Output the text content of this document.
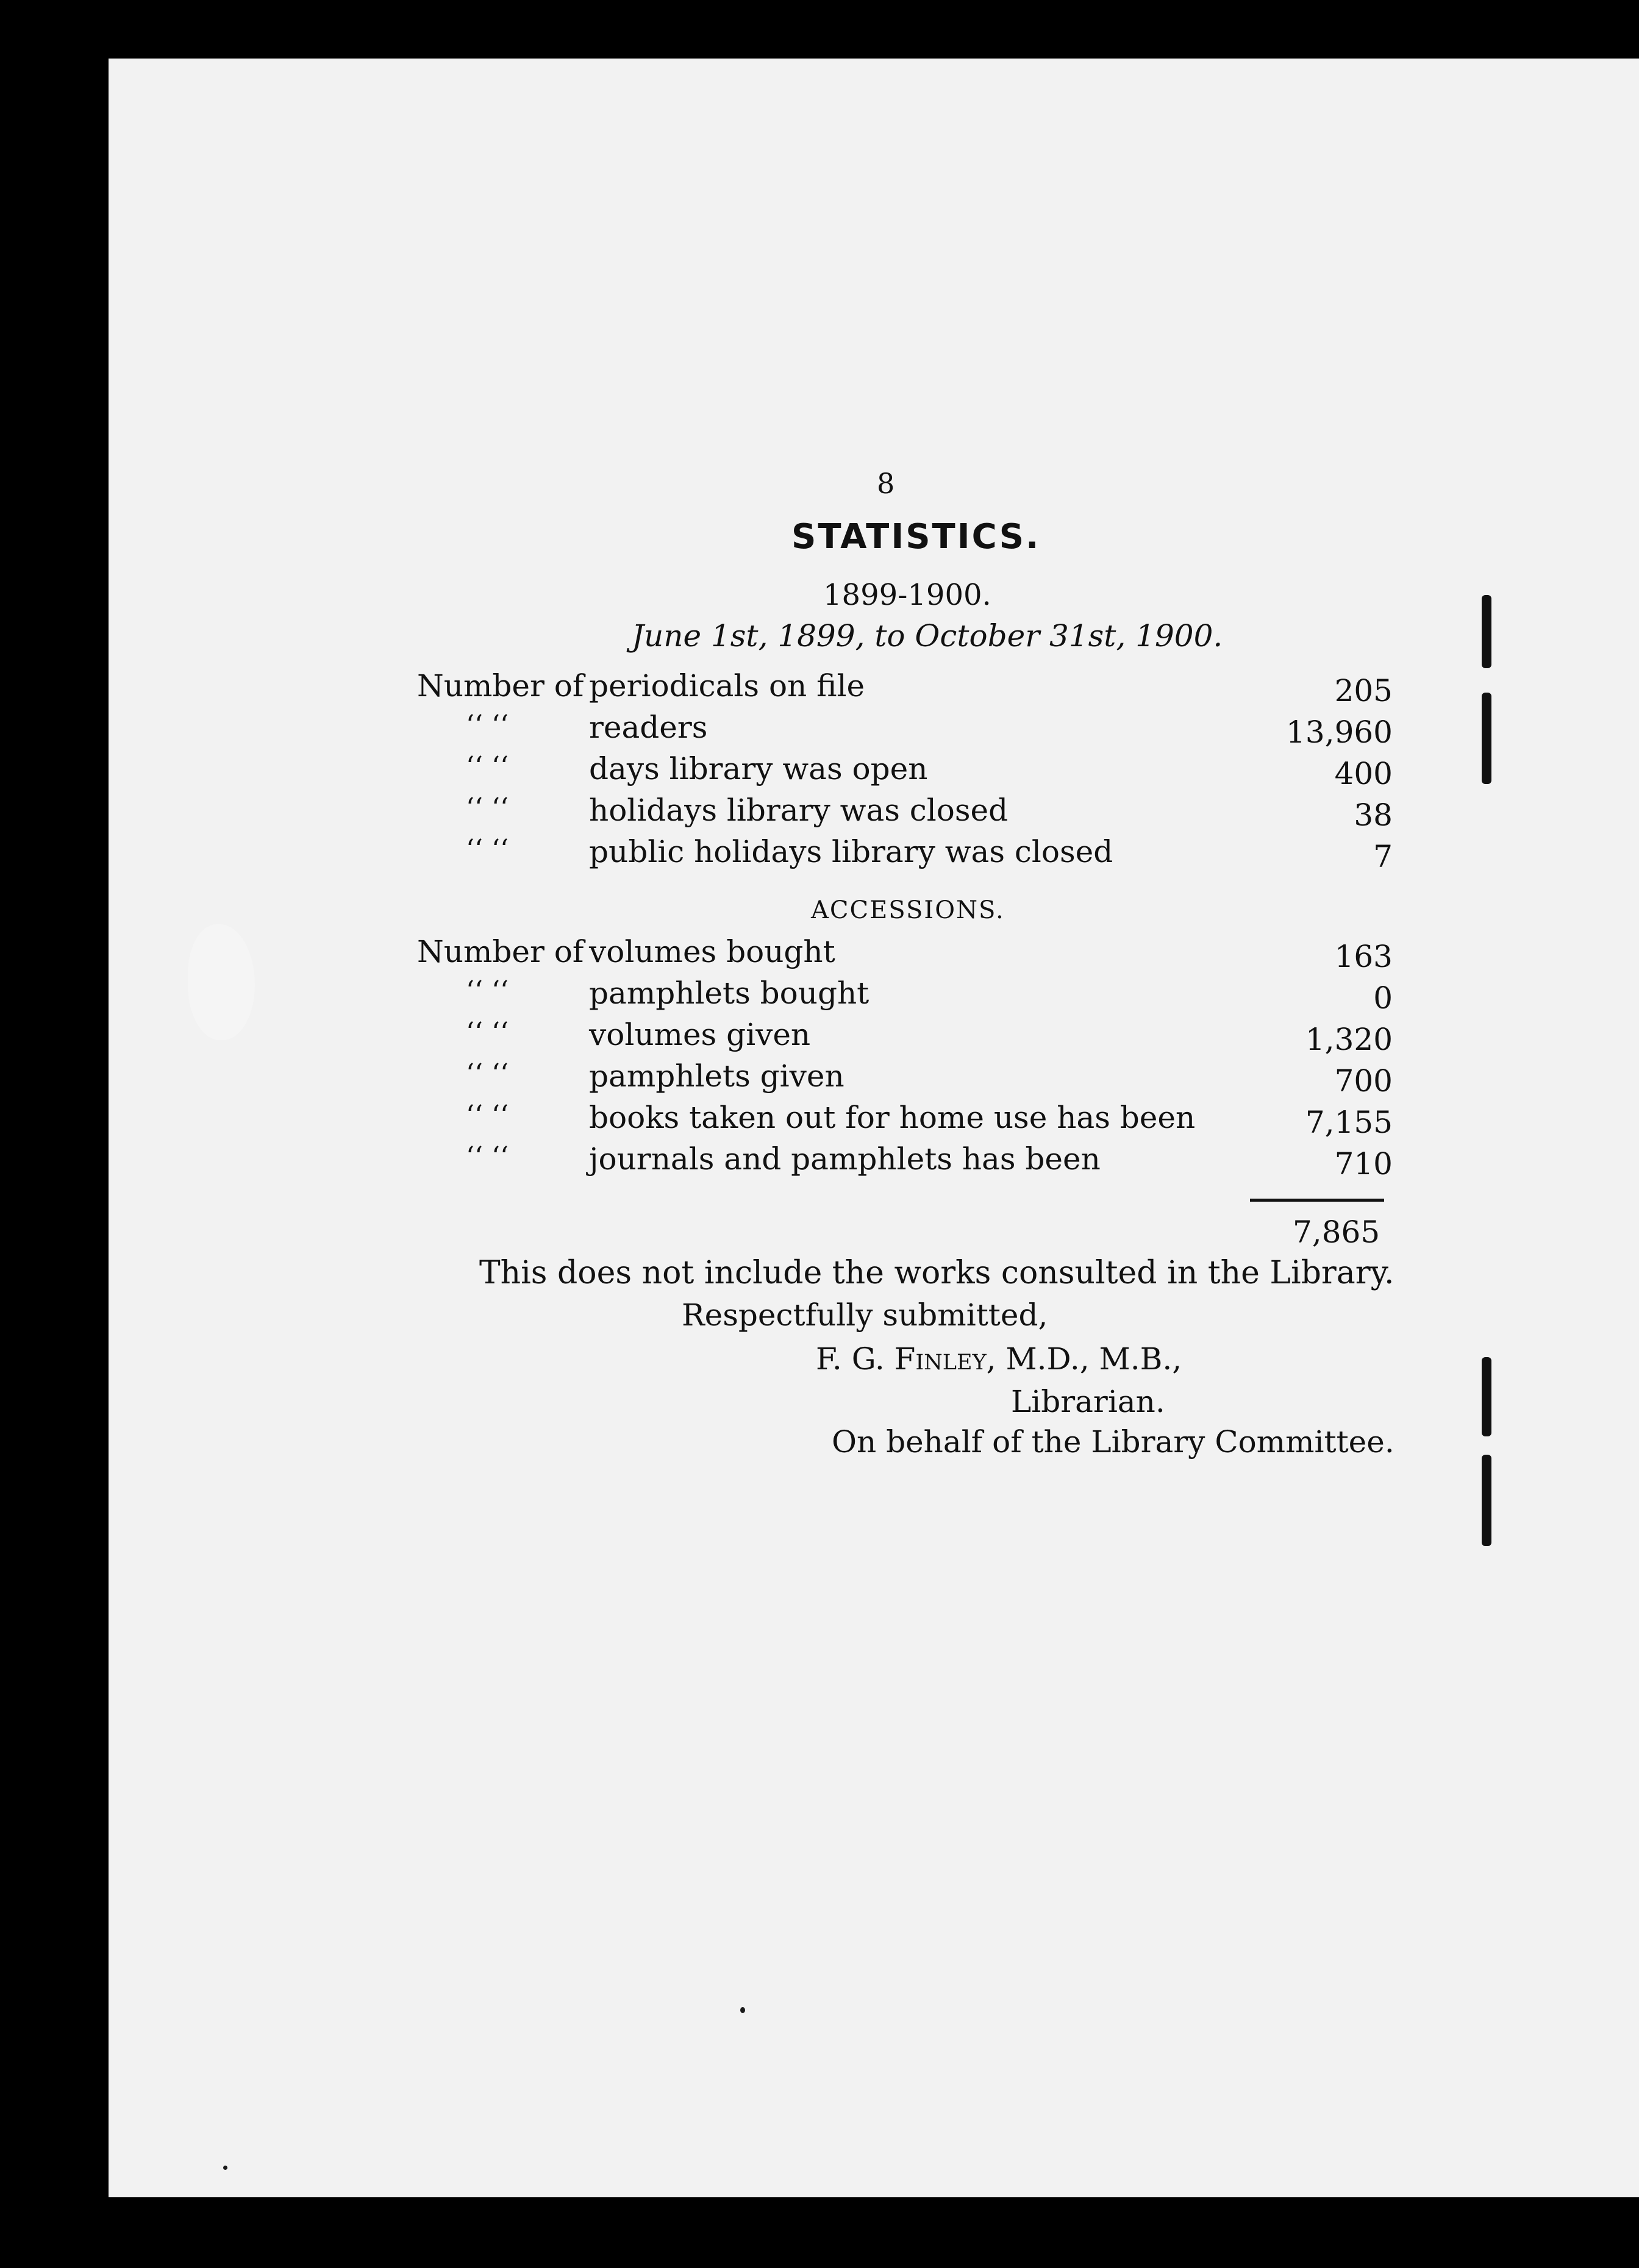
8
STATISTICS.
1899-1900.
June 1st, 1899, to October 31st, 1900.
Number of periodicals on file	205
‘‘ ‘‘	readers	13,960
‘‘ ‘‘	days library was open	400
‘‘ ‘‘	holidays library was closed	38
‘‘ ‘‘	public holidays library was closed	7
ACCESSIONS.
Number of volumes bought	163
‘‘ ‘‘	pamphlets bought	0
‘‘ ‘‘	volumes given	1,320
‘‘ ‘‘	pamphlets given	700
‘‘ ‘‘	books taken out for home use has been	7,155
‘‘ ‘‘	journals and pamphlets has been	710
7,865
This does not include the works consulted in the Library.
Respectfully submitted,
F. G. Finley, M.D., M.B.,
Librarian.
On behalf of the Library Committee.
